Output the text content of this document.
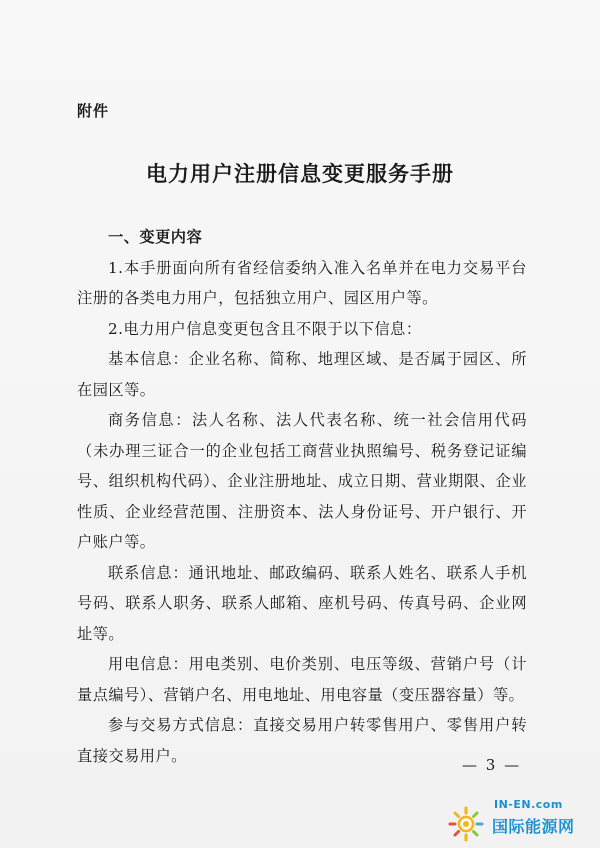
附件
电力用户注册信息变更服务手册

一、变更内容

1.本手册面向所有省经信委纳入准入名单并在电力交易平台注册的各类电力用户，包括独立用户、园区用户等。

2.电力用户信息变更包含且不限于以下信息：

基本信息：企业名称、简称、地理区域、是否属于园区、所在园区等。

商务信息：法人名称、法人代表名称、统一社会信用代码（未办理三证合一的企业包括工商营业执照编号、税务登记证编号、组织机构代码）、企业注册地址、成立日期、营业期限、企业性质、企业经营范围、注册资本、法人身份证号、开户银行、开户账户等。

联系信息：通讯地址、邮政编码、联系人姓名、联系人手机号码、联系人职务、联系人邮箱、座机号码、传真号码、企业网址等。

用电信息：用电类别、电价类别、电压等级、营销户号（计量点编号）、营销户名、用电地址、用电容量（变压器容量）等。

参与交易方式信息：直接交易用户转零售用户、零售用户转直接交易用户。

— 3 —
IN-EN.com
国际能源网
